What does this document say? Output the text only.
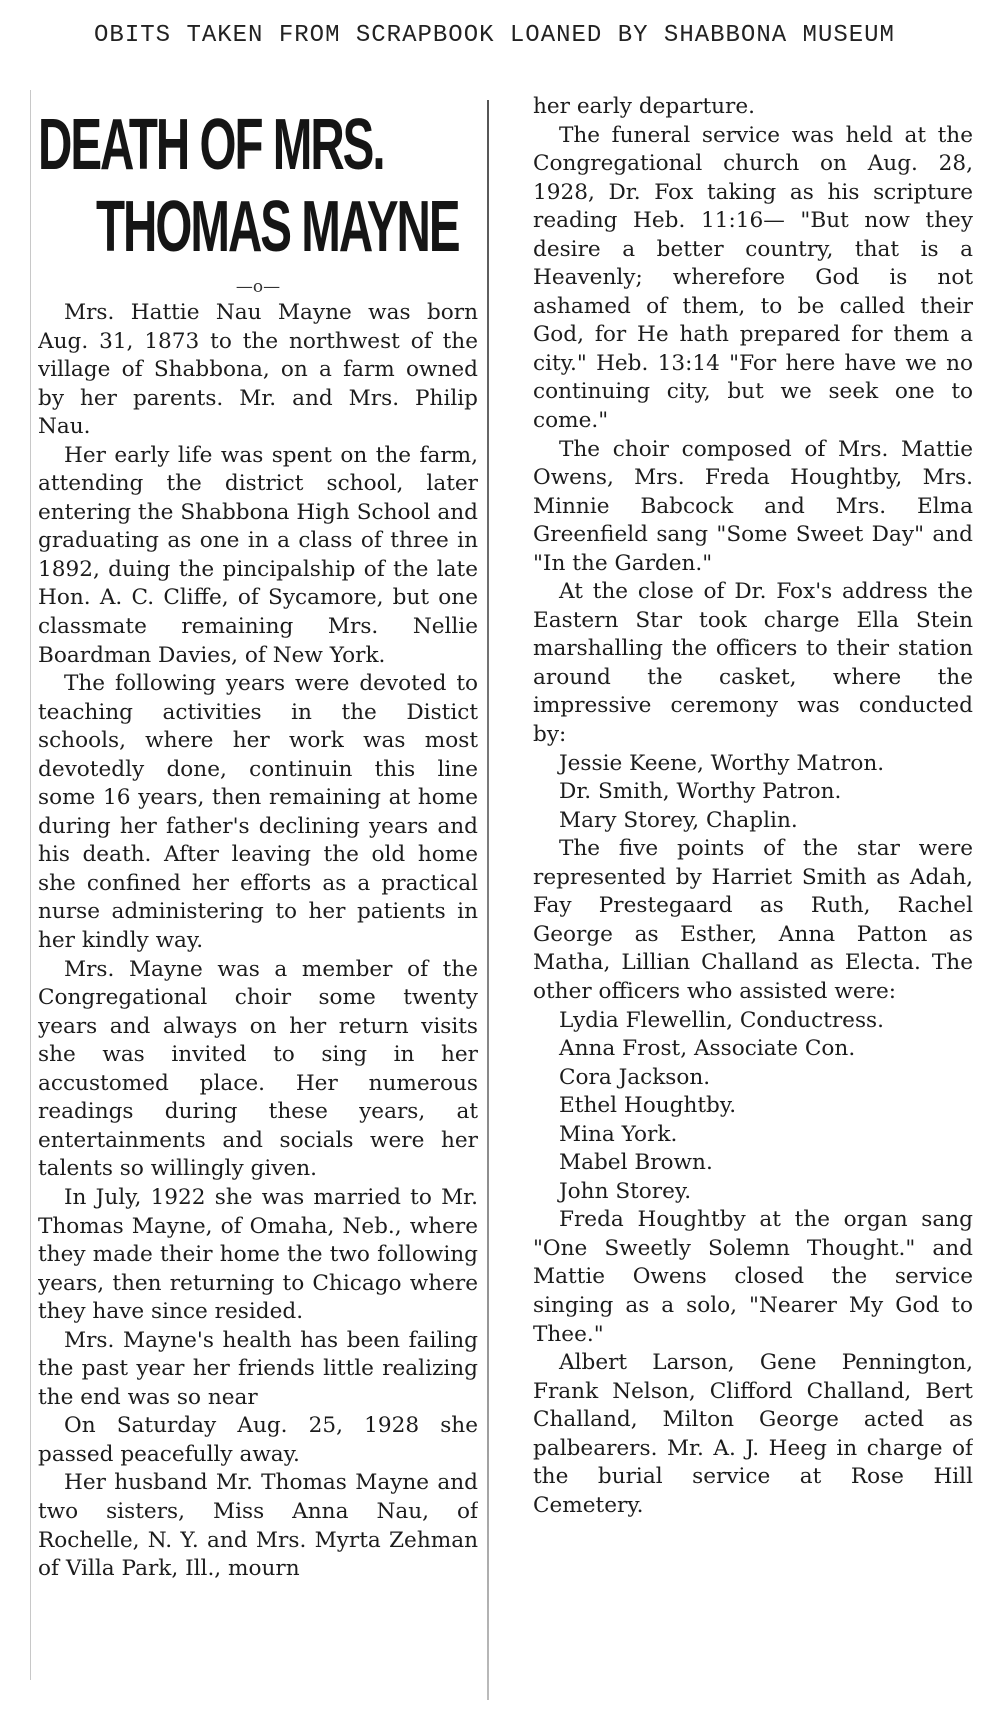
OBITS TAKEN FROM SCRAPBOOK LOANED BY SHABBONA MUSEUM
DEATH OF MRS.
THOMAS MAYNE
—o—

Mrs. Hattie Nau Mayne was born Aug. 31, 1873 to the northwest of the village of Shabbona, on a farm owned by her parents. Mr. and Mrs. Philip Nau.

Her early life was spent on the farm, attending the district school, later entering the Shabbona High School and graduating as one in a class of three in 1892, duing the pincipalship of the late Hon. A. C. Cliffe, of Sycamore, but one classmate remaining Mrs. Nellie Boardman Davies, of New York.

The following years were devoted to teaching activities in the Distict schools, where her work was most devotedly done, continuin this line some 16 years, then remaining at home during her father's declining years and his death. After leaving the old home she confined her efforts as a practical nurse administering to her patients in her kindly way.

Mrs. Mayne was a member of the Congregational choir some twenty years and always on her return visits she was invited to sing in her accustomed place. Her numerous readings during these years, at entertainments and socials were her talents so willingly given.

In July, 1922 she was married to Mr. Thomas Mayne, of Omaha, Neb., where they made their home the two following years, then returning to Chicago where they have since resided.

Mrs. Mayne's health has been failing the past year her friends little realizing the end was so near

On Saturday Aug. 25, 1928 she passed peacefully away.

Her husband Mr. Thomas Mayne and two sisters, Miss Anna Nau, of Rochelle, N. Y. and Mrs. Myrta Zehman of Villa Park, Ill., mourn

her early departure.

The funeral service was held at the Congregational church on Aug. 28, 1928, Dr. Fox taking as his scripture reading Heb. 11:16— "But now they desire a better country, that is a Heavenly; wherefore God is not ashamed of them, to be called their God, for He hath prepared for them a city." Heb. 13:14 "For here have we no continuing city, but we seek one to come."

The choir composed of Mrs. Mattie Owens, Mrs. Freda Houghtby, Mrs. Minnie Babcock and Mrs. Elma Greenfield sang "Some Sweet Day" and "In the Garden."

At the close of Dr. Fox's address the Eastern Star took charge Ella Stein marshalling the officers to their station around the casket, where the impressive ceremony was conducted by:

Jessie Keene, Worthy Matron.

Dr. Smith, Worthy Patron.

Mary Storey, Chaplin.

The five points of the star were represented by Harriet Smith as Adah, Fay Prestegaard as Ruth, Rachel George as Esther, Anna Patton as Matha, Lillian Challand as Electa. The other officers who assisted were:

Lydia Flewellin, Conductress.

Anna Frost, Associate Con.

Cora Jackson.

Ethel Houghtby.

Mina York.

Mabel Brown.

John Storey.

Freda Houghtby at the organ sang "One Sweetly Solemn Thought." and Mattie Owens closed the service singing as a solo, "Nearer My God to Thee."

Albert Larson, Gene Pennington, Frank Nelson, Clifford Challand, Bert Challand, Milton George acted as palbearers. Mr. A. J. Heeg in charge of the burial service at Rose Hill Cemetery.
